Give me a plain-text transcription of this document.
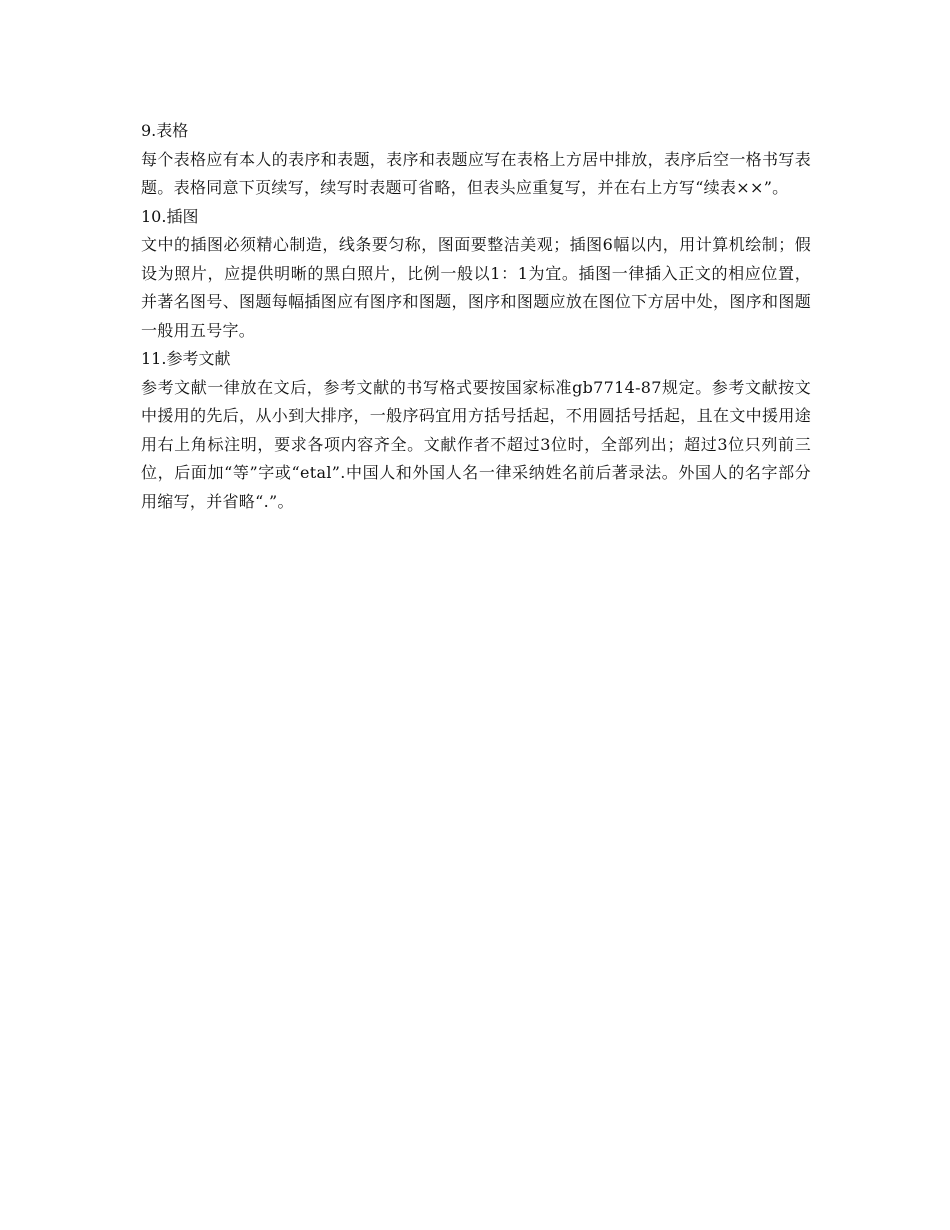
9.表格

每个表格应有本人的表序和表题，表序和表题应写在表格上方居中排放，表序后空一格书写表题。表格同意下页续写，续写时表题可省略，但表头应重复写，并在右上方写“续表××”。

10.插图

文中的插图必须精心制造，线条要匀称，图面要整洁美观；插图6幅以内，用计算机绘制；假设为照片，应提供明晰的黑白照片，比例一般以1：1为宜。插图一律插入正文的相应位置，并著名图号、图题每幅插图应有图序和图题，图序和图题应放在图位下方居中处，图序和图题一般用五号字。

11.参考文献

参考文献一律放在文后，参考文献的书写格式要按国家标准gb7714-87规定。参考文献按文中援用的先后，从小到大排序，一般序码宜用方括号括起，不用圆括号括起，且在文中援用途用右上角标注明，要求各项内容齐全。文献作者不超过3位时，全部列出；超过3位只列前三位，后面加“等”字或“etal”.中国人和外国人名一律采纳姓名前后著录法。外国人的名字部分用缩写，并省略“.”。
